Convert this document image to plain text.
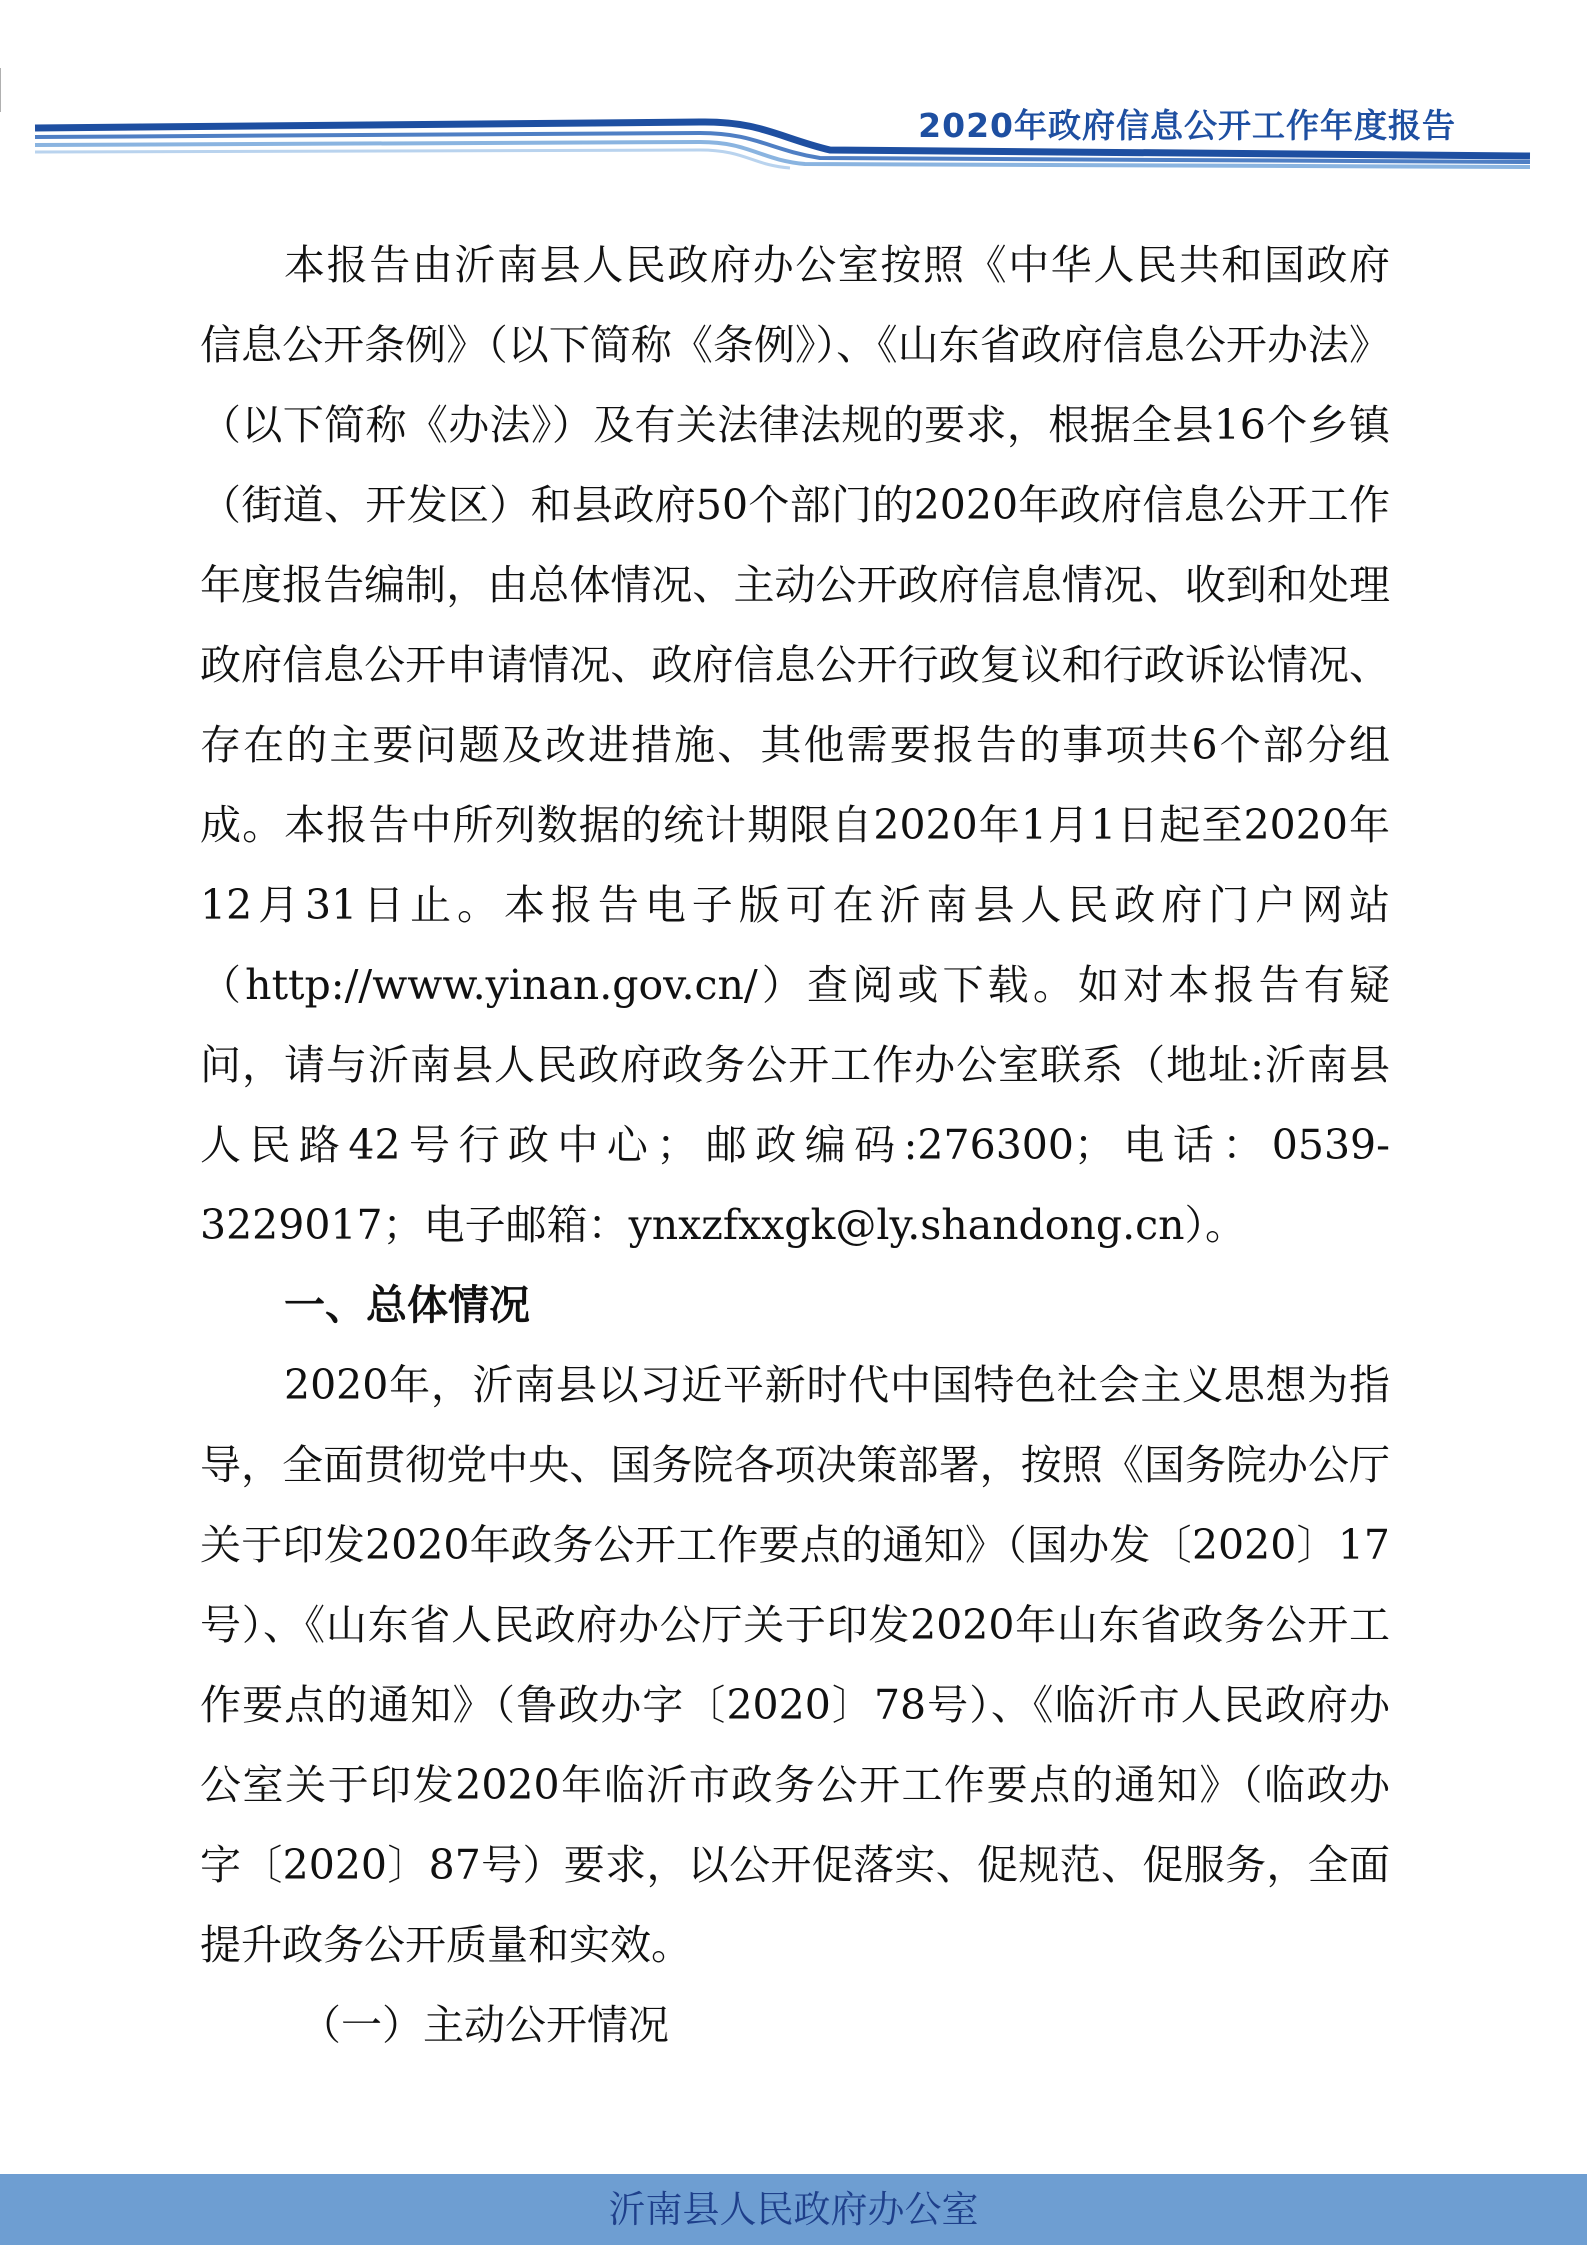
2020年政府信息公开工作年度报告

本报告由沂南县人民政府办公室按照《中华人民共和国政府信息公开条例》（以下简称《条例》）、《山东省政府信息公开办法》（以下简称《办法》）及有关法律法规的要求，根据全县16个乡镇（街道、开发区）和县政府50个部门的2020年政府信息公开工作年度报告编制，由总体情况、主动公开政府信息情况、收到和处理政府信息公开申请情况、政府信息公开行政复议和行政诉讼情况、存在的主要问题及改进措施、其他需要报告的事项共6个部分组成。本报告中所列数据的统计期限自2020年1月1日起至2020年12月31日止。本报告电子版可在沂南县人民政府门户网站（http://www.yinan.gov.cn/）查阅或下载。如对本报告有疑问，请与沂南县人民政府政务公开工作办公室联系（地址:沂南县人民路42号行政中心；邮政编码:276300；电话：0539-3229017；电子邮箱：ynxzfxxgk@ly.shandong.cn）。

一、总体情况

2020年，沂南县以习近平新时代中国特色社会主义思想为指导，全面贯彻党中央、国务院各项决策部署，按照《国务院办公厅关于印发2020年政务公开工作要点的通知》（国办发〔2020〕17号）、《山东省人民政府办公厅关于印发2020年山东省政务公开工作要点的通知》（鲁政办字〔2020〕78号）、《临沂市人民政府办公室关于印发2020年临沂市政务公开工作要点的通知》（临政办字〔2020〕87号）要求，以公开促落实、促规范、促服务，全面提升政务公开质量和实效。

（一）主动公开情况
沂南县人民政府办公室
